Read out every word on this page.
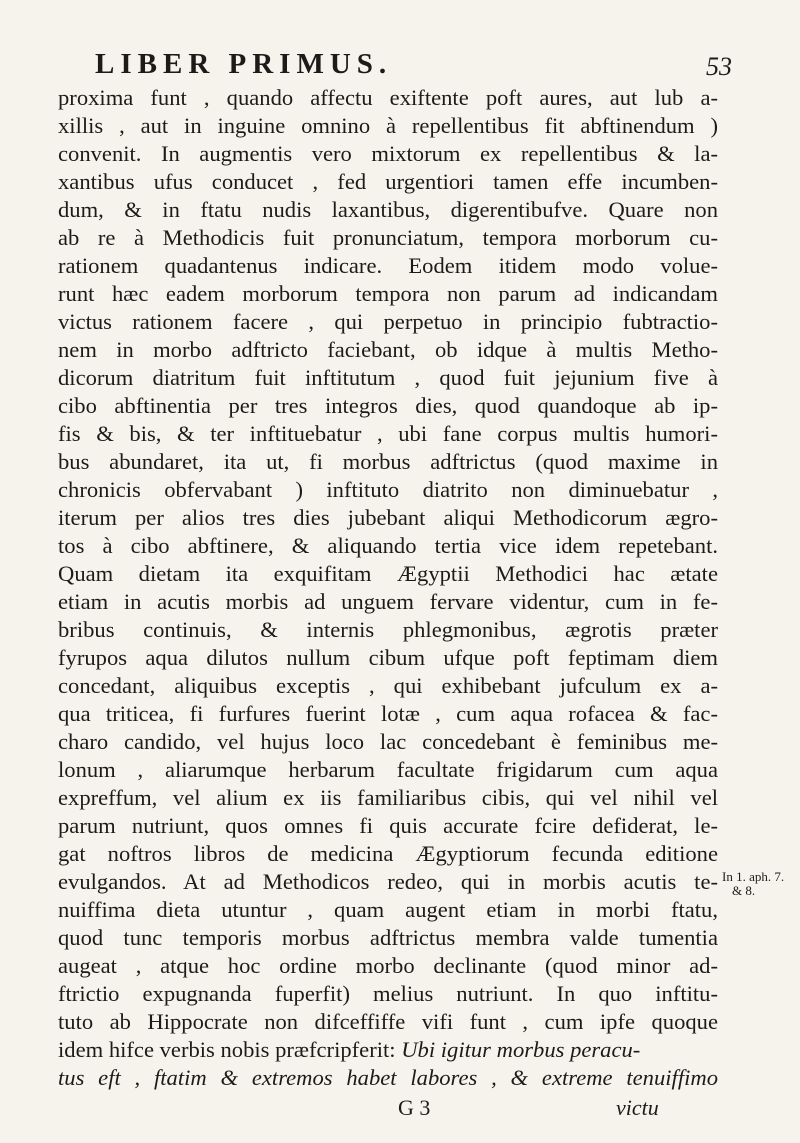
LIBER PRIMUS.	53
proxima funt , quando affectu exiftente poft aures, aut lub a-
xillis , aut in inguine omnino à repellentibus fit abftinendum )
convenit. In augmentis vero mixtorum ex repellentibus & la-
xantibus ufus conducet , fed urgentiori tamen effe incumben-
dum, & in ftatu nudis laxantibus, digerentibufve. Quare non
ab re à Methodicis fuit pronunciatum, tempora morborum cu-
rationem quadantenus indicare. Eodem itidem modo volue-
runt hæc eadem morborum tempora non parum ad indicandam
victus rationem facere , qui perpetuo in principio fubtractio-
nem in morbo adftricto faciebant, ob idque à multis Metho-
dicorum diatritum fuit inftitutum , quod fuit jejunium five à
cibo abftinentia per tres integros dies, quod quandoque ab ip-
fis & bis, & ter inftituebatur , ubi fane corpus multis humori-
bus abundaret, ita ut, fi morbus adftrictus (quod maxime in
chronicis obfervabant ) inftituto diatrito non diminuebatur ,
iterum per alios tres dies jubebant aliqui Methodicorum ægro-
tos à cibo abftinere, & aliquando tertia vice idem repetebant.
Quam dietam ita exquifitam Ægyptii Methodici hac ætate
etiam in acutis morbis ad unguem fervare videntur, cum in fe-
bribus continuis, & internis phlegmonibus, ægrotis præter
fyrupos aqua dilutos nullum cibum ufque poft feptimam diem
concedant, aliquibus exceptis , qui exhibebant jufculum ex a-
qua triticea, fi furfures fuerint lotæ , cum aqua rofacea & fac-
charo candido, vel hujus loco lac concedebant è feminibus me-
lonum , aliarumque herbarum facultate frigidarum cum aqua
expreffum, vel alium ex iis familiaribus cibis, qui vel nihil vel
parum nutriunt, quos omnes fi quis accurate fcire defiderat, le-
gat noftros libros de medicina Ægyptiorum fecunda editione
evulgandos. At ad Methodicos redeo, qui in morbis acutis te-
nuiffima dieta utuntur , quam augent etiam in morbi ftatu,
quod tunc temporis morbus adftrictus membra valde tumentia
augeat , atque hoc ordine morbo declinante (quod minor ad-
ftrictio expugnanda fuperfit) melius nutriunt. In quo inftitu-
tuto ab Hippocrate non difceffiffe vifi funt , cum ipfe quoque
idem hifce verbis nobis præfcripferit: Ubi igitur morbus peracu-
tus eft , ftatim & extremos habet labores , & extreme tenuiffimo
In 1. aph. 7.
& 8.
G 3	victu
